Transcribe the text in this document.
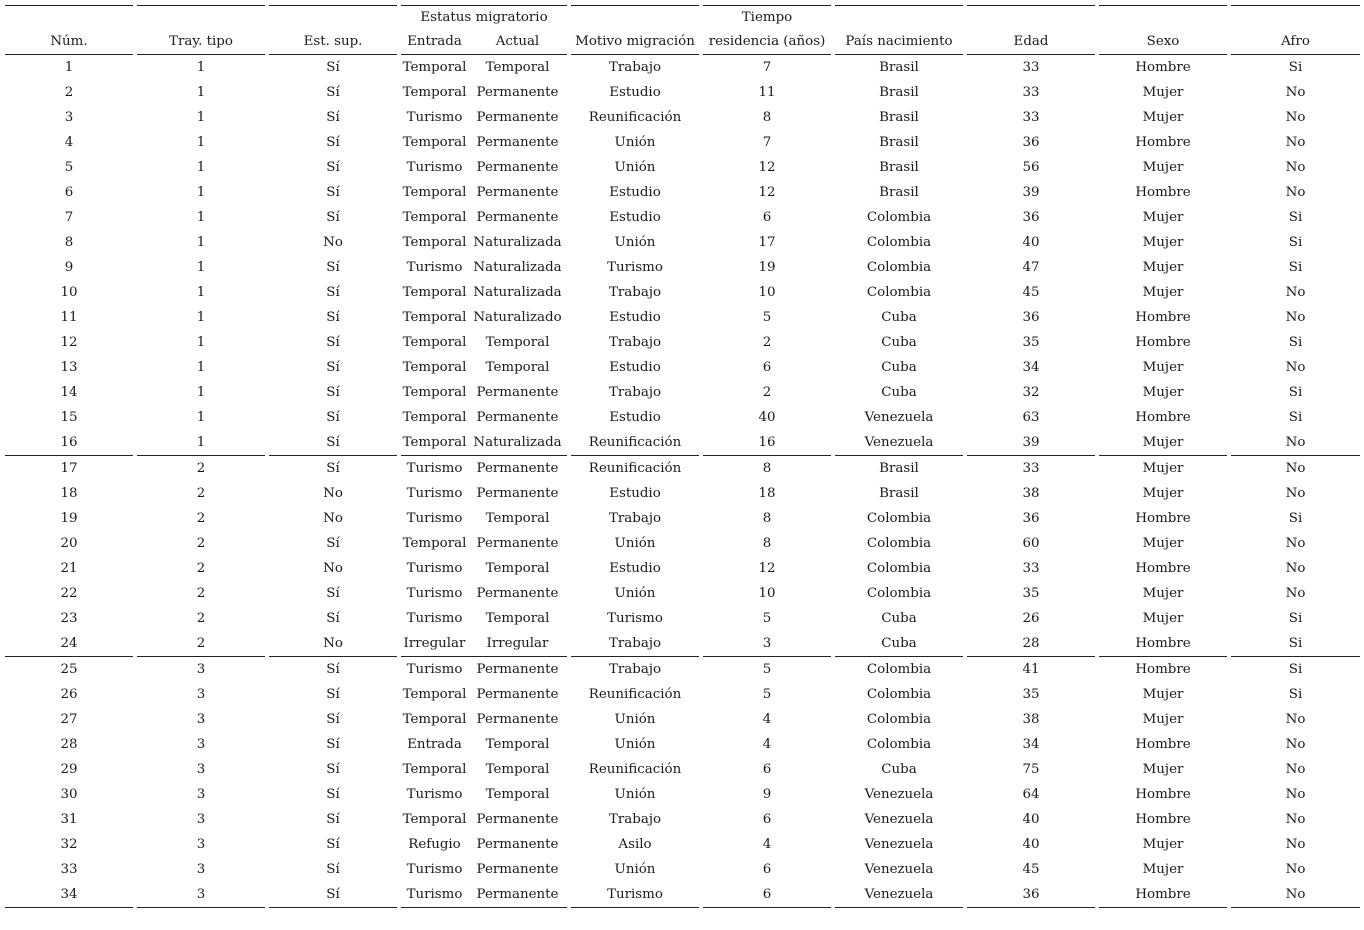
						Estatus migratorio					Tiempo								
Núm.		Tray. tipo		Est. sup.		Entrada	Actual		Motivo migración		residencia (años)		País nacimiento		Edad		Sexo		Afro
1		1		Sí		Temporal	Temporal		Trabajo		7		Brasil		33		Hombre		Si
2		1		Sí		Temporal	Permanente		Estudio		11		Brasil		33		Mujer		No
3		1		Sí		Turismo	Permanente		Reunificación		8		Brasil		33		Mujer		No
4		1		Sí		Temporal	Permanente		Unión		7		Brasil		36		Hombre		No
5		1		Sí		Turismo	Permanente		Unión		12		Brasil		56		Mujer		No
6		1		Sí		Temporal	Permanente		Estudio		12		Brasil		39		Hombre		No
7		1		Sí		Temporal	Permanente		Estudio		6		Colombia		36		Mujer		Si
8		1		No		Temporal	Naturalizada		Unión		17		Colombia		40		Mujer		Si
9		1		Sí		Turismo	Naturalizada		Turismo		19		Colombia		47		Mujer		Si
10		1		Sí		Temporal	Naturalizada		Trabajo		10		Colombia		45		Mujer		No
11		1		Sí		Temporal	Naturalizado		Estudio		5		Cuba		36		Hombre		No
12		1		Sí		Temporal	Temporal		Trabajo		2		Cuba		35		Hombre		Si
13		1		Sí		Temporal	Temporal		Estudio		6		Cuba		34		Mujer		No
14		1		Sí		Temporal	Permanente		Trabajo		2		Cuba		32		Mujer		Si
15		1		Sí		Temporal	Permanente		Estudio		40		Venezuela		63		Hombre		Si
16		1		Sí		Temporal	Naturalizada		Reunificación		16		Venezuela		39		Mujer		No
17		2		Sí		Turismo	Permanente		Reunificación		8		Brasil		33		Mujer		No
18		2		No		Turismo	Permanente		Estudio		18		Brasil		38		Mujer		No
19		2		No		Turismo	Temporal		Trabajo		8		Colombia		36		Hombre		Si
20		2		Sí		Temporal	Permanente		Unión		8		Colombia		60		Mujer		No
21		2		No		Turismo	Temporal		Estudio		12		Colombia		33		Hombre		No
22		2		Sí		Turismo	Permanente		Unión		10		Colombia		35		Mujer		No
23		2		Sí		Turismo	Temporal		Turismo		5		Cuba		26		Mujer		Si
24		2		No		Irregular	Irregular		Trabajo		3		Cuba		28		Hombre		Si
25		3		Sí		Turismo	Permanente		Trabajo		5		Colombia		41		Hombre		Si
26		3		Sí		Temporal	Permanente		Reunificación		5		Colombia		35		Mujer		Si
27		3		Sí		Temporal	Permanente		Unión		4		Colombia		38		Mujer		No
28		3		Sí		Entrada	Temporal		Unión		4		Colombia		34		Hombre		No
29		3		Sí		Temporal	Temporal		Reunificación		6		Cuba		75		Mujer		No
30		3		Sí		Turismo	Temporal		Unión		9		Venezuela		64		Hombre		No
31		3		Sí		Temporal	Permanente		Trabajo		6		Venezuela		40		Hombre		No
32		3		Sí		Refugio	Permanente		Asilo		4		Venezuela		40		Mujer		No
33		3		Sí		Turismo	Permanente		Unión		6		Venezuela		45		Mujer		No
34		3		Sí		Turismo	Permanente		Turismo		6		Venezuela		36		Hombre		No
